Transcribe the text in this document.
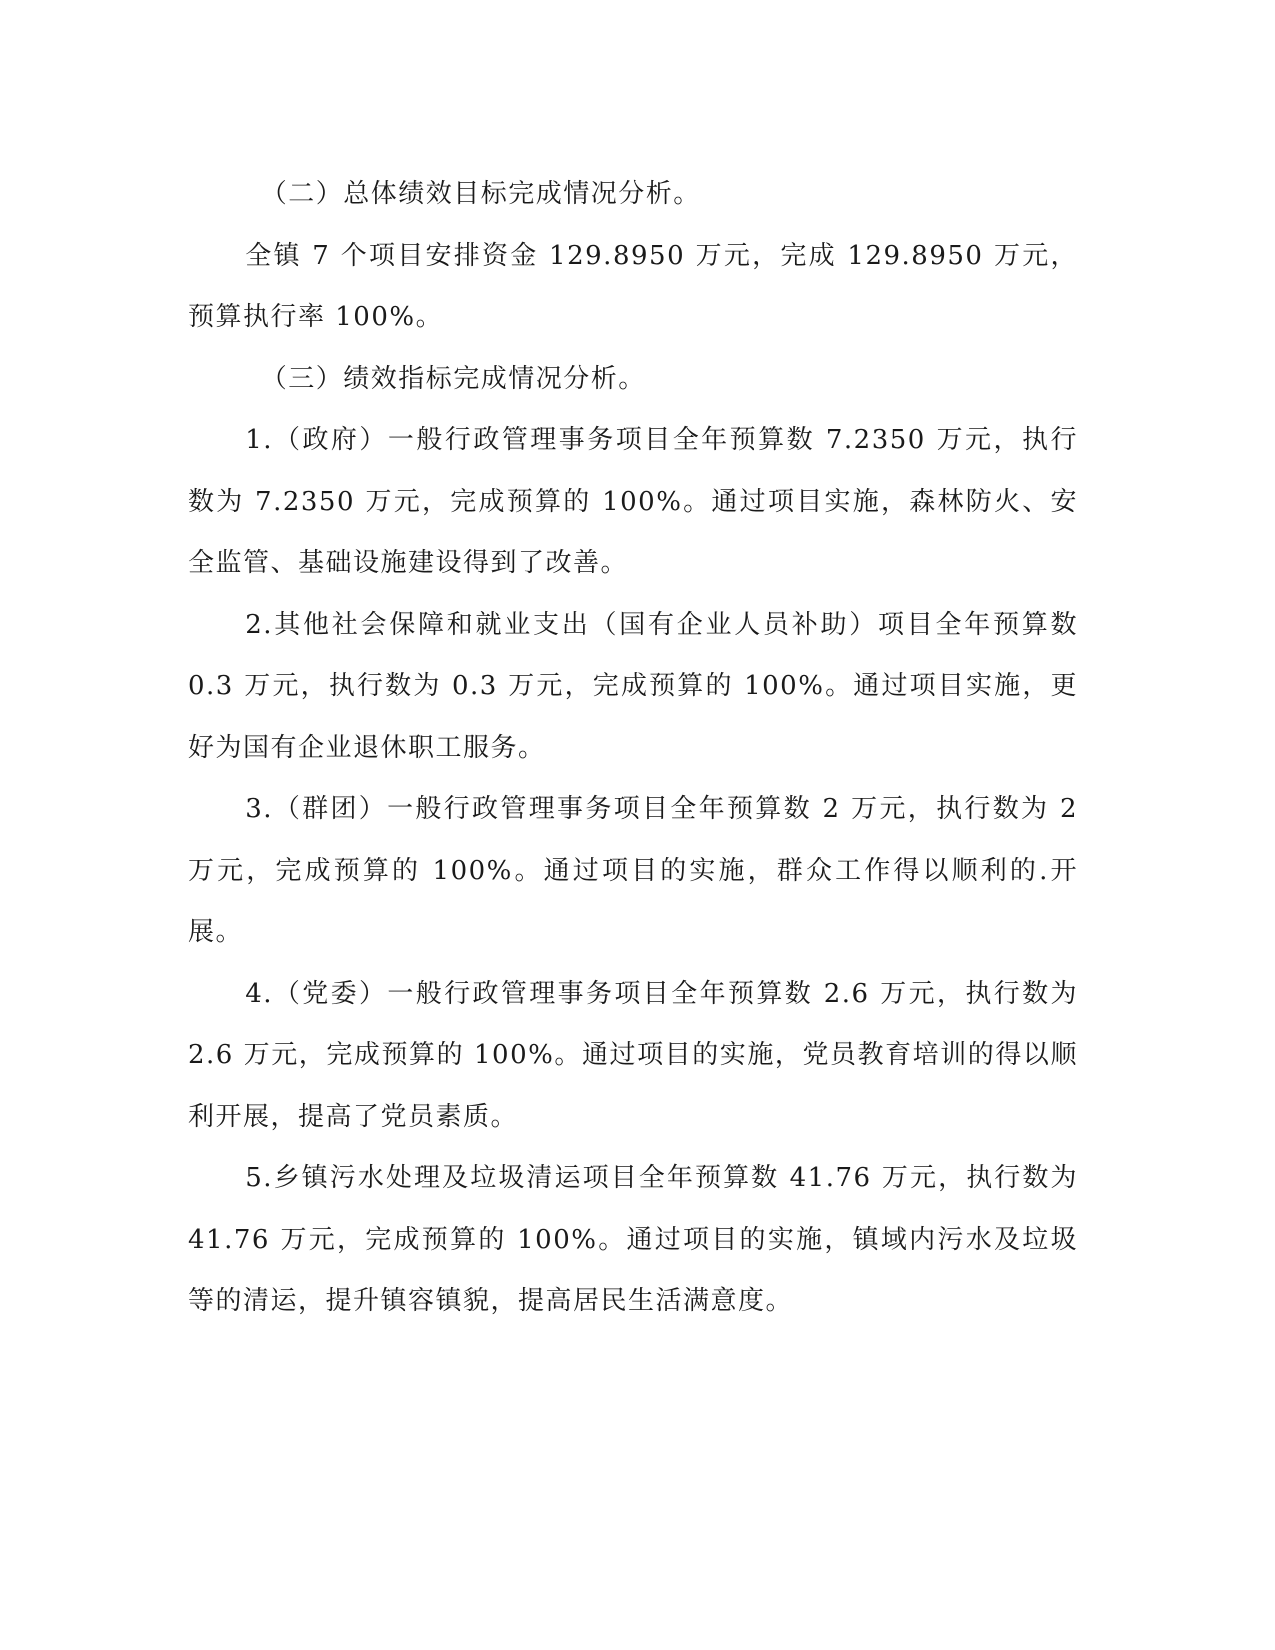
（二）总体绩效目标完成情况分析。

全镇 7 个项目安排资金 129.8950 万元，完成 129.8950 万元，预算执行率 100%。

（三）绩效指标完成情况分析。

1.（政府）一般行政管理事务项目全年预算数 7.2350 万元，执行数为 7.2350 万元，完成预算的 100%。通过项目实施，森林防火、安全监管、基础设施建设得到了改善。

2.其他社会保障和就业支出（国有企业人员补助）项目全年预算数 0.3 万元，执行数为 0.3 万元，完成预算的 100%。通过项目实施，更好为国有企业退休职工服务。

3.（群团）一般行政管理事务项目全年预算数 2 万元，执行数为 2 万元，完成预算的 100%。通过项目的实施，群众工作得以顺利的.开展。

4.（党委）一般行政管理事务项目全年预算数 2.6 万元，执行数为 2.6 万元，完成预算的 100%。通过项目的实施，党员教育培训的得以顺利开展，提高了党员素质。

5.乡镇污水处理及垃圾清运项目全年预算数 41.76 万元，执行数为 41.76 万元，完成预算的 100%。通过项目的实施，镇域内污水及垃圾等的清运，提升镇容镇貌，提高居民生活满意度。
